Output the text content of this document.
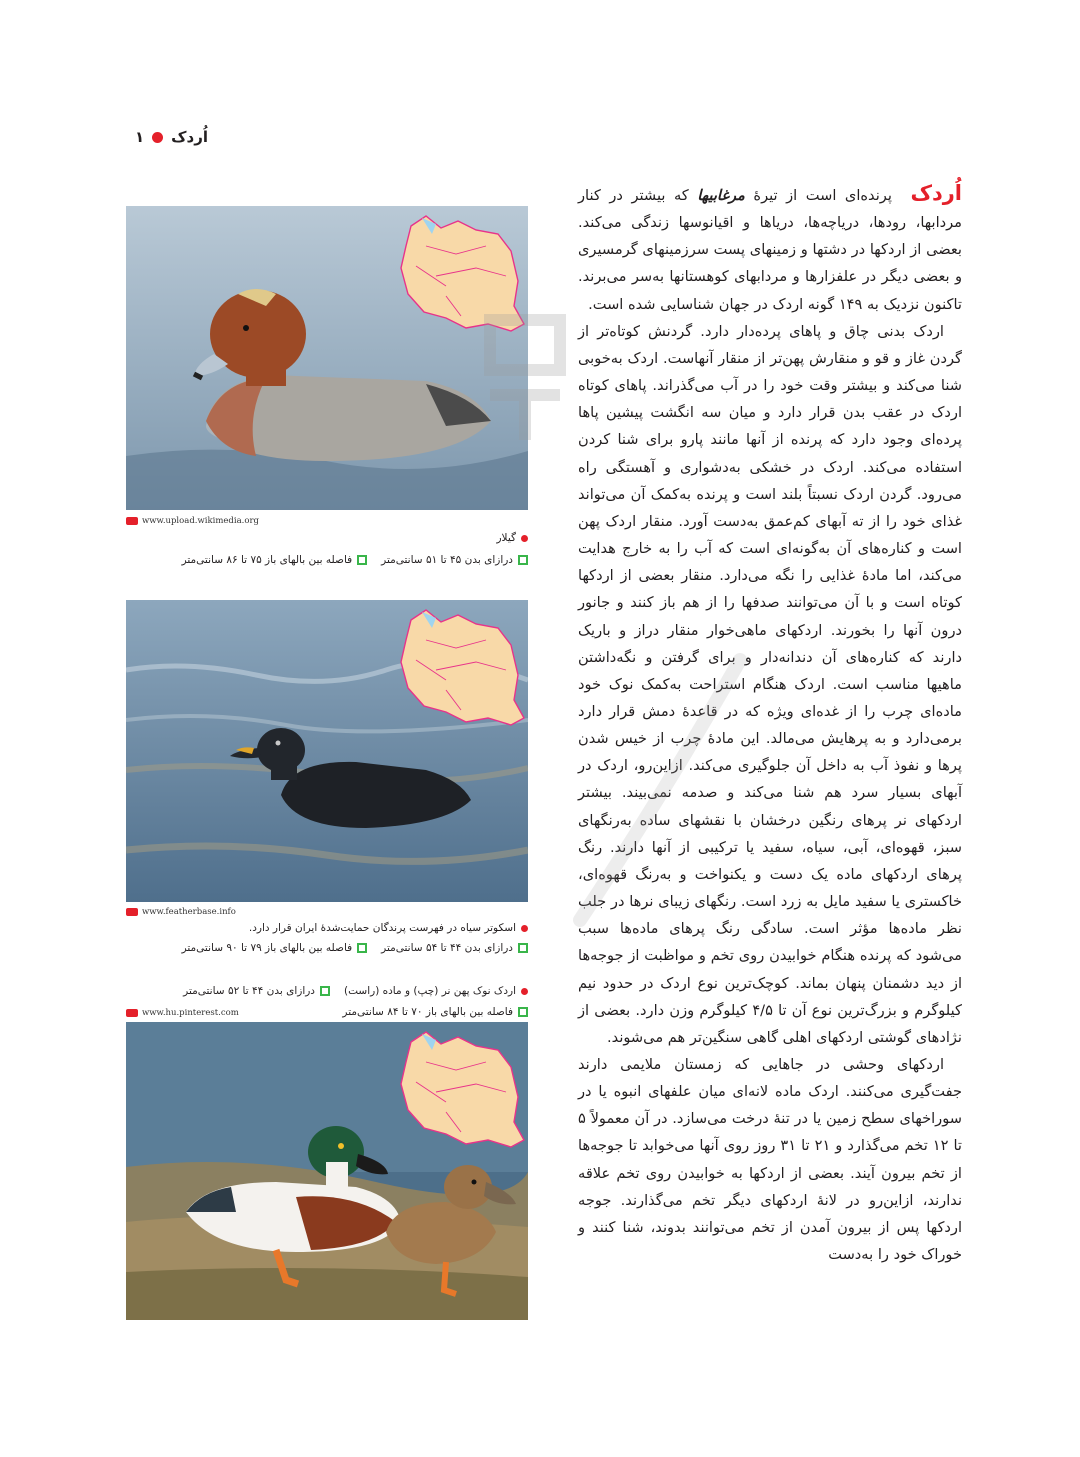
اُردک
۱

اُردک پرنده‌ای است از تیرهٔ مرغابیها که بیشتر در کنار مردابها، رودها، دریاچه‌ها، دریاها و اقیانوسها زندگی می‌کند. بعضی از اردکها در دشتها و زمینهای پست سرزمینهای گرمسیری و بعضی دیگر در علفزارها و مردابهای کوهستانها به‌سر می‌برند. تاکنون نزدیک به ۱۴۹ گونه اردک در جهان شناسایی شده است.

اردک بدنی چاق و پاهای پرده‌دار دارد. گردنش کوتاه‌تر از گردن غاز و قو و منقارش پهن‌تر از منقار آنهاست. اردک به‌خوبی شنا می‌کند و بیشتر وقت خود را در آب می‌گذراند. پاهای کوتاه اردک در عقب بدن قرار دارد و میان سه انگشت پیشین پاها پرده‌ای وجود دارد که پرنده از آنها مانند پارو برای شنا کردن استفاده می‌کند. اردک در خشکی به‌دشواری و آهستگی راه می‌رود. گردن اردک نسبتاً بلند است و پرنده به‌کمک آن می‌تواند غذای خود را از ته آبهای کم‌عمق به‌دست آورد. منقار اردک پهن است و کناره‌های آن به‌گونه‌ای است که آب را به خارج هدایت می‌کند، اما مادهٔ غذایی را نگه می‌دارد. منقار بعضی از اردکها کوتاه است و با آن می‌توانند صدفها را از هم باز کنند و جانور درون آنها را بخورند. اردکهای ماهی‌خوار منقار دراز و باریک دارند که کناره‌های آن دندانه‌دار و برای گرفتن و نگه‌داشتن ماهیها مناسب است. اردک هنگام استراحت به‌کمک نوک خود ماده‌ای چرب را از غده‌ای ویژه که در قاعدهٔ دمش قرار دارد برمی‌دارد و به پرهایش می‌مالد. این مادهٔ چرب از خیس شدن پرها و نفوذ آب به داخل آن جلوگیری می‌کند. ازاین‌رو، اردک در آبهای بسیار سرد هم شنا می‌کند و صدمه نمی‌بیند. بیشتر اردکهای نر پرهای رنگین درخشان با نقشهای ساده به‌رنگهای سبز، قهوه‌ای، آبی، سیاه، سفید یا ترکیبی از آنها دارند. رنگ پرهای اردکهای ماده یک دست و یکنواخت و به‌رنگ قهوه‌ای، خاکستری یا سفید مایل به زرد است. رنگهای زیبای نرها در جلب نظر ماده‌ها مؤثر است. سادگی رنگ پرهای ماده‌ها سبب می‌شود که پرنده هنگام خوابیدن روی تخم و مواظبت از جوجه‌ها از دید دشمنان پنهان بماند. کوچک‌ترین نوع اردک در حدود نیم کیلوگرم و بزرگ‌ترین نوع آن تا ۴/۵ کیلوگرم وزن دارد. بعضی از نژادهای گوشتی اردکهای اهلی گاهی سنگین‌تر هم می‌شوند.

اردکهای وحشی در جاهایی که زمستان ملایمی دارند جفت‌گیری می‌کنند. اردک ماده لانه‌ای میان علفهای انبوه یا در سوراخهای سطح زمین یا در تنهٔ درخت می‌سازد. در آن معمولاً ۵ تا ۱۲ تخم می‌گذارد و ۲۱ تا ۳۱ روز روی آنها می‌خوابد تا جوجه‌ها از تخم بیرون آیند. بعضی از اردکها به خوابیدن روی تخم علاقه ندارند، ازاین‌رو در لانهٔ اردکهای دیگر تخم می‌گذارند. جوجه اردکها پس از بیرون آمدن از تخم می‌توانند بدوند، شنا کنند و خوراک خود را به‌دست

www.upload.wikimedia.org
گیلار
درازای بدن ۴۵ تا ۵۱ سانتی‌متر
فاصله بین بالهای باز ۷۵ تا ۸۶ سانتی‌متر
www.featherbase.info
اسکوتر سیاه در فهرست پرندگان حمایت‌شدهٔ ایران قرار دارد.
درازای بدن ۴۴ تا ۵۴ سانتی‌متر
فاصله بین بالهای باز ۷۹ تا ۹۰ سانتی‌متر
اردک نوک پهن نر (چپ) و ماده (راست)
درازای بدن ۴۴ تا ۵۲ سانتی‌متر
فاصله بین بالهای باز ۷۰ تا ۸۴ سانتی‌متر
www.hu.pinterest.com
